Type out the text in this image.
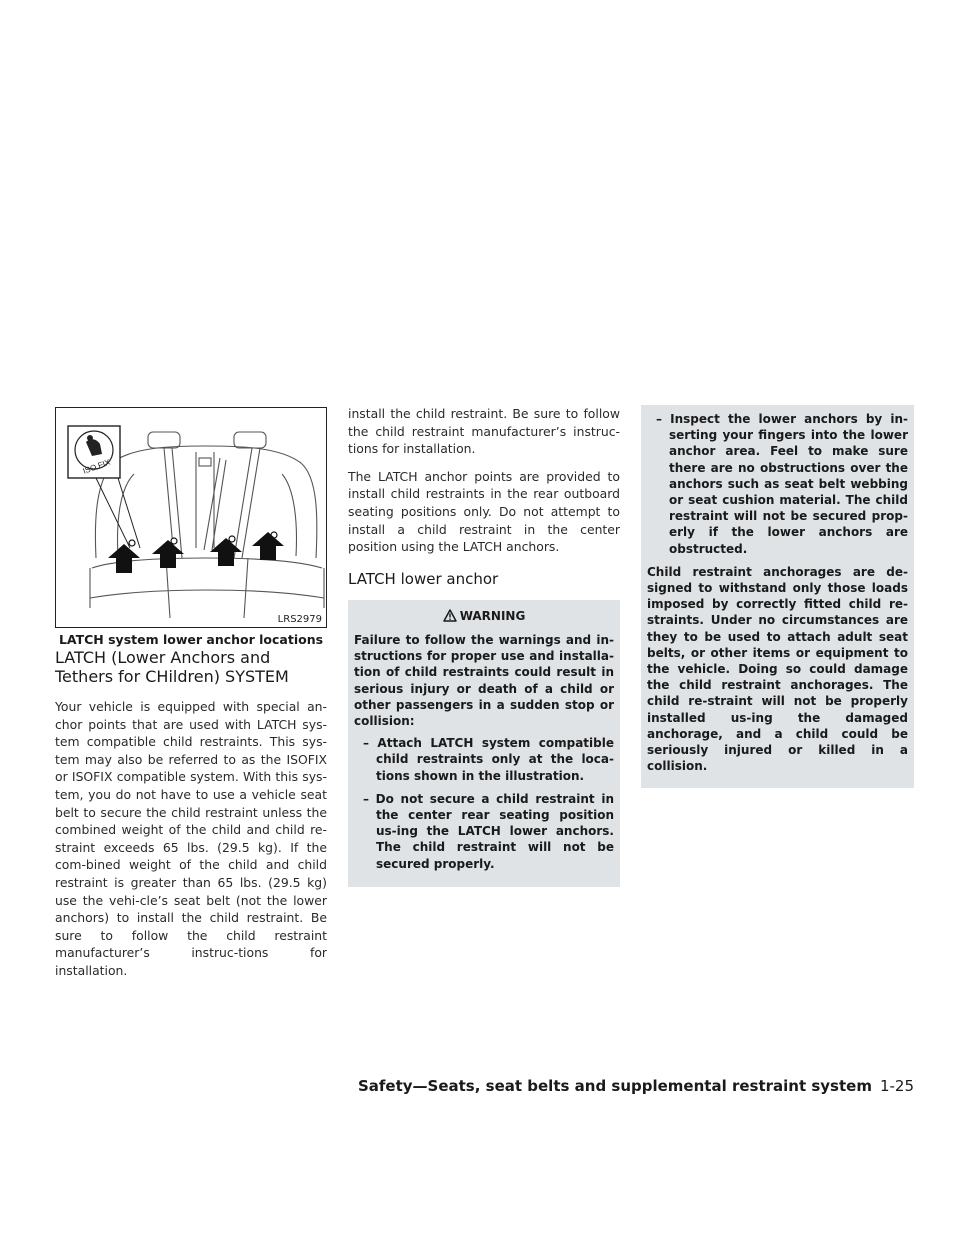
ISO FIX
LRS2979
LATCH system lower anchor locations
LATCH (Lower Anchors and
Tethers for CHildren) SYSTEM

Your vehicle is equipped with special an-chor points that are used with LATCH sys-tem compatible child restraints. This sys-tem may also be referred to as the ISOFIX or ISOFIX compatible system. With this sys-tem, you do not have to use a vehicle seat belt to secure the child restraint unless the combined weight of the child and child re-straint exceeds 65 lbs. (29.5 kg). If the com-bined weight of the child and child restraint is greater than 65 lbs. (29.5 kg) use the vehi-cle’s seat belt (not the lower anchors) to install the child restraint. Be sure to follow the child restraint manufacturer’s instruc-tions for installation.

install the child restraint. Be sure to follow the child restraint manufacturer’s instruc-tions for installation.

The LATCH anchor points are provided to install child restraints in the rear outboard seating positions only. Do not attempt to install a child restraint in the center position using the LATCH anchors.

LATCH lower anchor
WARNING

Failure to follow the warnings and in-structions for proper use and installa-tion of child restraints could result in serious injury or death of a child or other passengers in a sudden stop or collision:

– Attach LATCH system compatible child restraints only at the loca-tions shown in the illustration.

– Do not secure a child restraint in the center rear seating position us-ing the LATCH lower anchors. The child restraint will not be secured properly.

– Inspect the lower anchors by in-serting your fingers into the lower anchor area. Feel to make sure there are no obstructions over the anchors such as seat belt webbing or seat cushion material. The child restraint will not be secured prop-erly if the lower anchors are obstructed.

Child restraint anchorages are de-signed to withstand only those loads imposed by correctly fitted child re-straints. Under no circumstances are they to be used to attach adult seat belts, or other items or equipment to the vehicle. Doing so could damage the child restraint anchorages. The child re-straint will not be properly installed us-ing the damaged anchorage, and a child could be seriously injured or killed in a collision.

Safety—Seats, seat belts and supplemental restraint system 1-25
